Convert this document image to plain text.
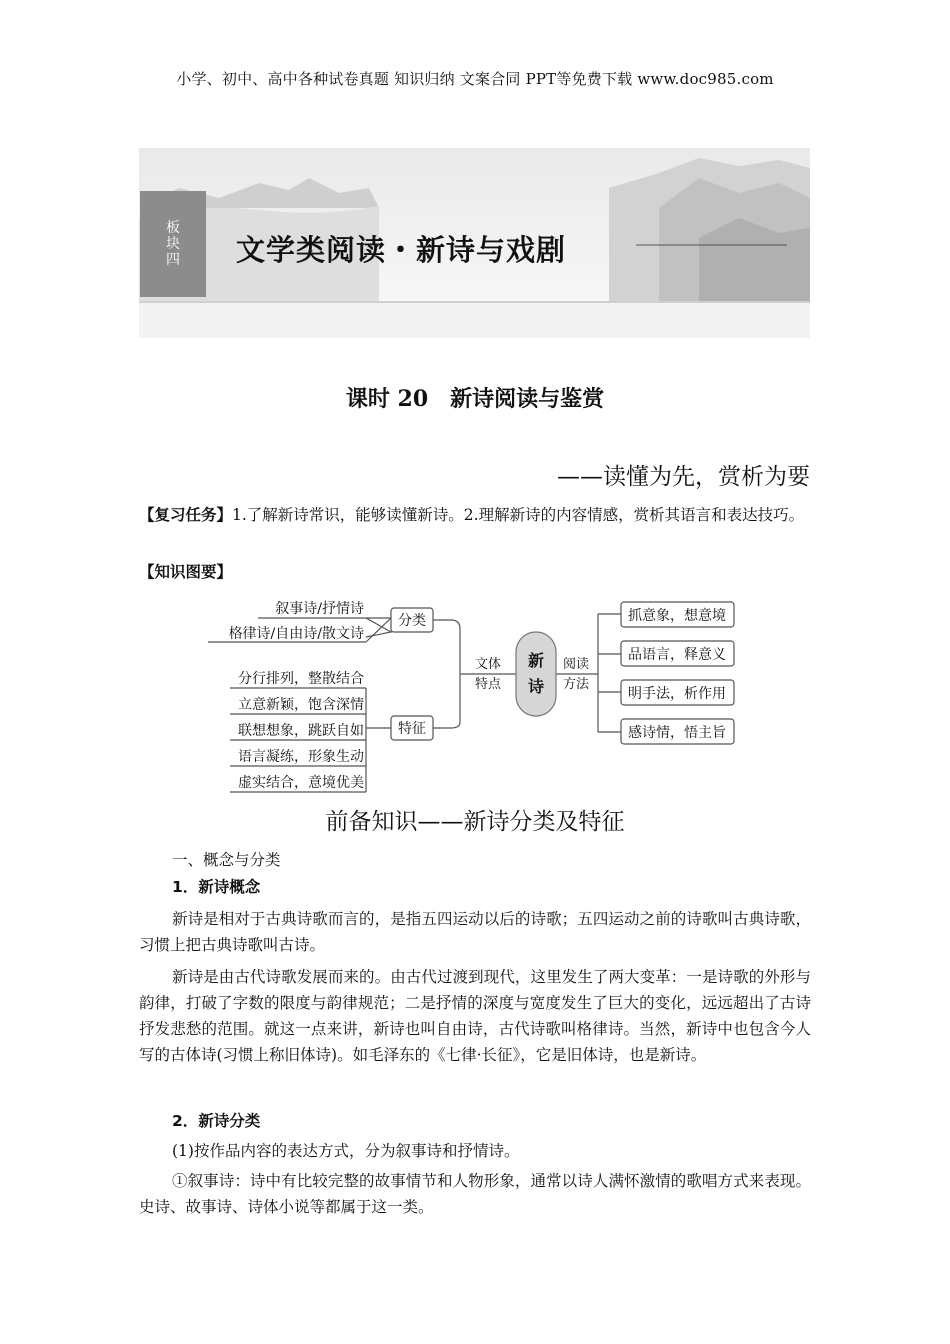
小学、初中、高中各种试卷真题 知识归纳 文案合同 PPT等免费下载 www.doc985.com
板
块
四 文学类阅读・新诗与戏剧
课时 20　新诗阅读与鉴赏
——读懂为先，赏析为要
【复习任务】1.了解新诗常识，能够读懂新诗。2.理解新诗的内容情感，赏析其语言和表达技巧。
【知识图要】
新
诗
文体
特点
阅读
方法
分类
特征
叙事诗/抒情诗
格律诗/自由诗/散文诗
分行排列，整散结合
立意新颖，饱含深情
联想想象，跳跃自如
语言凝练，形象生动
虚实结合，意境优美
抓意象，想意境
品语言，释意义
明手法，析作用
感诗情，悟主旨
前备知识——新诗分类及特征
一、概念与分类
1．新诗概念
新诗是相对于古典诗歌而言的，是指五四运动以后的诗歌；五四运动之前的诗歌叫古典诗歌，习惯上把古典诗歌叫古诗。
新诗是由古代诗歌发展而来的。由古代过渡到现代，这里发生了两大变革：一是诗歌的外形与韵律，打破了字数的限度与韵律规范；二是抒情的深度与宽度发生了巨大的变化，远远超出了古诗抒发悲愁的范围。就这一点来讲，新诗也叫自由诗，古代诗歌叫格律诗。当然，新诗中也包含今人写的古体诗(习惯上称旧体诗)。如毛泽东的《七律·长征》，它是旧体诗，也是新诗。
2．新诗分类
(1)按作品内容的表达方式，分为叙事诗和抒情诗。
①叙事诗：诗中有比较完整的故事情节和人物形象，通常以诗人满怀激情的歌唱方式来表现。史诗、故事诗、诗体小说等都属于这一类。
